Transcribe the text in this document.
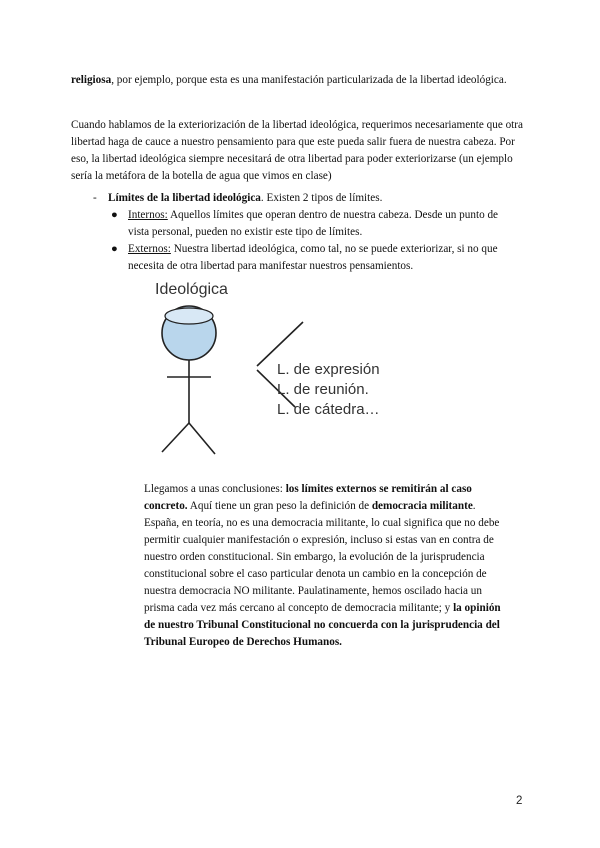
religiosa, por ejemplo, porque esta es una manifestación particularizada de la libertad ideológica.
Cuando hablamos de la exteriorización de la libertad ideológica, requerimos necesariamente que otra libertad haga de cauce a nuestro pensamiento para que este pueda salir fuera de nuestra cabeza. Por eso, la libertad ideológica siempre necesitará de otra libertad para poder exteriorizarse (un ejemplo sería la metáfora de la botella de agua que vimos en clase)
- Límites de la libertad ideológica. Existen 2 tipos de límites.
● Internos: Aquellos límites que operan dentro de nuestra cabeza. Desde un punto de vista personal, pueden no existir este tipo de límites.
● Externos: Nuestra libertad ideológica, como tal, no se puede exteriorizar, si no que necesita de otra libertad para manifestar nuestros pensamientos.
Ideológica
L. de expresión
L. de reunión.
L. de cátedra…
Llegamos a unas conclusiones: los límites externos se remitirán al caso concreto. Aquí tiene un gran peso la definición de democracia militante. España, en teoría, no es una democracia militante, lo cual significa que no debe permitir cualquier manifestación o expresión, incluso si estas van en contra de nuestro orden constitucional. Sin embargo, la evolución de la jurisprudencia constitucional sobre el caso particular denota un cambio en la concepción de nuestra democracia NO militante. Paulatinamente, hemos oscilado hacia un prisma cada vez más cercano al concepto de democracia militante; y la opinión de nuestro Tribunal Constitucional no concuerda con la jurisprudencia del Tribunal Europeo de Derechos Humanos.
2
